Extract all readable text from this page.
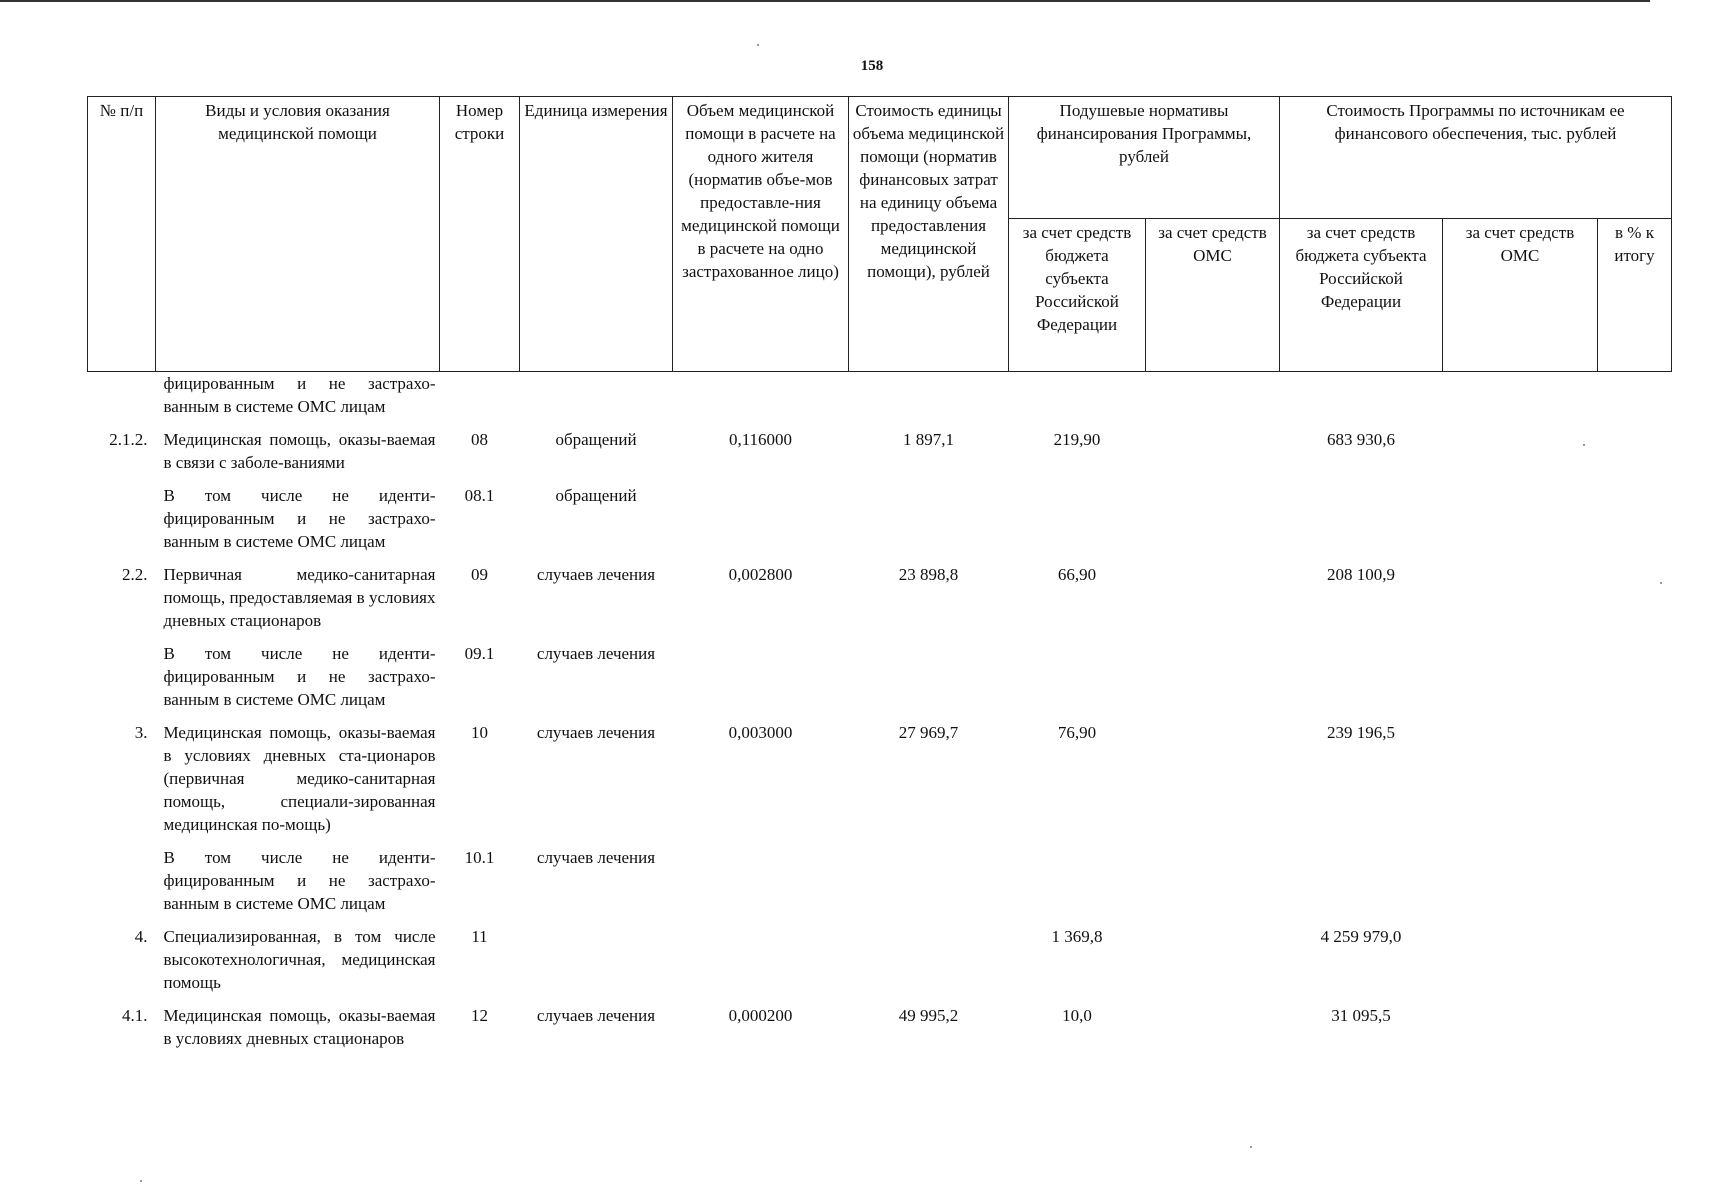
158
№ п/п	Виды и условия оказания медицинской помощи	Номер строки	Единица измерения	Объем медицинской помощи в расчете на одного жителя (норматив объе-мов предоставле-ния медицинской помощи в расчете на одно застрахованное лицо)	Стоимость единицы объема медицинской помощи (норматив финансовых затрат на единицу объема предоставления медицинской помощи), рублей	Подушевые нормативы финансирования Программы, рублей		Стоимость Программы по источникам ее финансового обеспечения, тыс. рублей		
						за счет средств бюджета субъекта Российской Федерации	за счет средств ОМС	за счет средств бюджета субъекта Российской Федерации	за счет средств ОМС	в % к итогу
	фицированным и не застрахо-ванным в системе ОМС лицам									
2.1.2.	Медицинская помощь, оказы-ваемая в связи с заболе-ваниями	08	обращений	0,116000	1 897,1	219,90		683 930,6		
	В том числе не иденти-фицированным и не застрахо-ванным в системе ОМС лицам	08.1	обращений							
2.2.	Первичная медико-санитарная помощь, предоставляемая в условиях дневных стационаров	09	случаев лечения	0,002800	23 898,8	66,90		208 100,9		
	В том числе не иденти-фицированным и не застрахо-ванным в системе ОМС лицам	09.1	случаев лечения							
3.	Медицинская помощь, оказы-ваемая в условиях дневных ста-ционаров (первичная медико-санитарная помощь, специали-зированная медицинская по-мощь)	10	случаев лечения	0,003000	27 969,7	76,90		239 196,5		
	В том числе не иденти-фицированным и не застрахо-ванным в системе ОМС лицам	10.1	случаев лечения							
4.	Специализированная, в том числе высокотехнологичная, медицинская помощь	11				1 369,8		4 259 979,0		
4.1.	Медицинская помощь, оказы-ваемая в условиях дневных стационаров	12	случаев лечения	0,000200	49 995,2	10,0		31 095,5		
